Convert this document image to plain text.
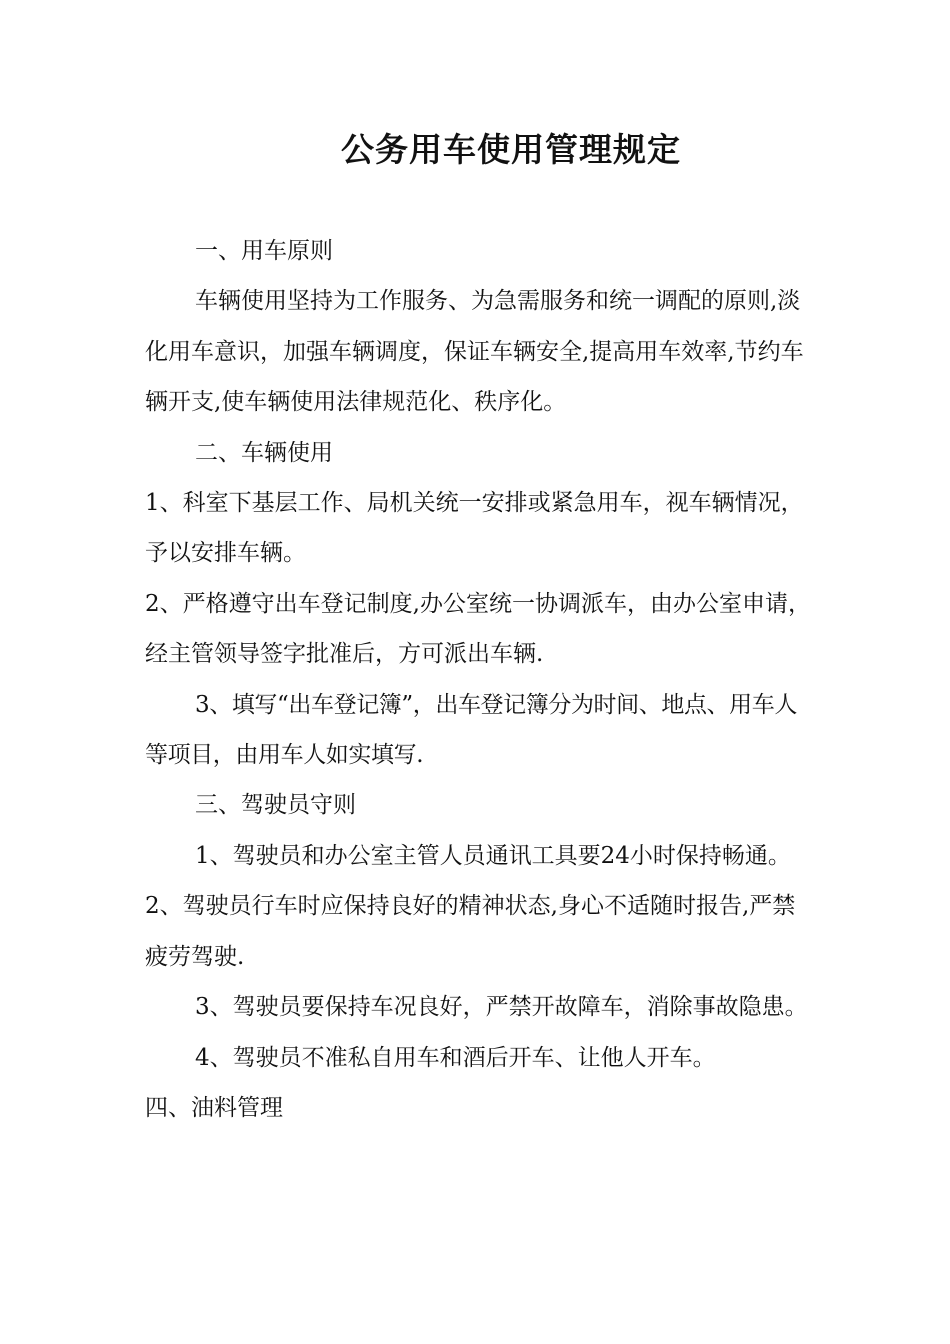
公务用车使用管理规定

一、用车原则

车辆使用坚持为工作服务、为急需服务和统一调配的原则,淡化用车意识，加强车辆调度，保证车辆安全,提高用车效率,节约车辆开支,使车辆使用法律规范化、秩序化。

二、车辆使用

1、科室下基层工作、局机关统一安排或紧急用车，视车辆情况，予以安排车辆。

2、严格遵守出车登记制度,办公室统一协调派车，由办公室申请，经主管领导签字批准后，方可派出车辆.

3、填写“出车登记簿”，出车登记簿分为时间、地点、用车人等项目，由用车人如实填写.

三、驾驶员守则

1、驾驶员和办公室主管人员通讯工具要24小时保持畅通。

2、驾驶员行车时应保持良好的精神状态,身心不适随时报告,严禁疲劳驾驶.

3、驾驶员要保持车况良好，严禁开故障车，消除事故隐患。

4、驾驶员不准私自用车和酒后开车、让他人开车。

四、油料管理
